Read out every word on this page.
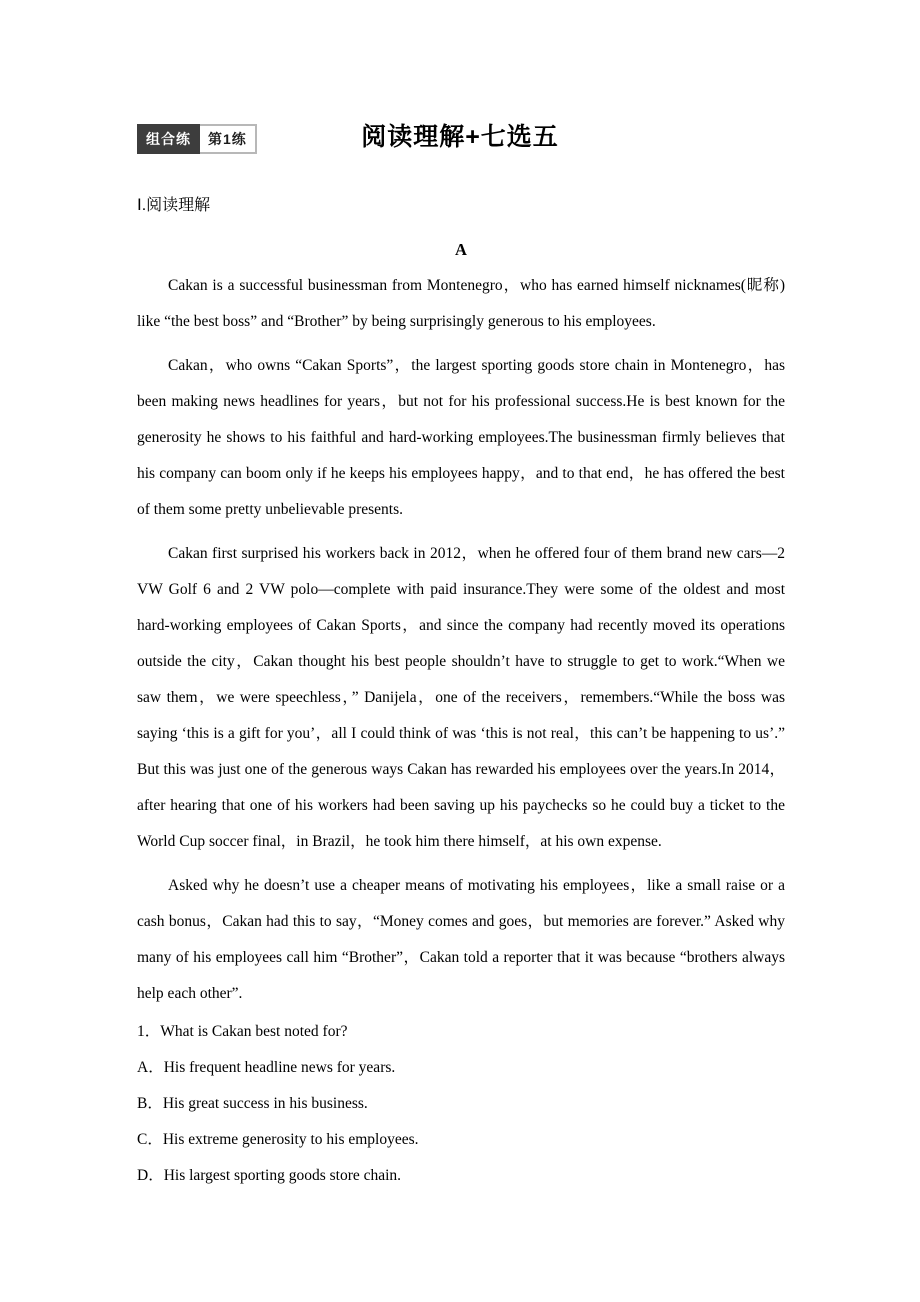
组合练	第1练	阅读理解+七选五
Ⅰ.阅读理解
A

Cakan is a successful businessman from Montenegro，who has earned himself nicknames(昵称) like “the best boss” and “Brother” by being surprisingly generous to his employees.

Cakan，who owns “Cakan Sports”，the largest sporting goods store chain in Montenegro，has been making news headlines for years，but not for his professional success.He is best known for the generosity he shows to his faithful and hard-working employees.The businessman firmly believes that his company can boom only if he keeps his employees happy，and to that end，he has offered the best of them some pretty unbelievable presents.

Cakan first surprised his workers back in 2012，when he offered four of them brand new cars—2 VW Golf 6 and 2 VW polo—complete with paid insurance.They were some of the oldest and most hard-working employees of Cakan Sports，and since the company had recently moved its operations outside the city，Cakan thought his best people shouldn’t have to struggle to get to work.“When we saw them，we were speechless，” Danijela，one of the receivers，remembers.“While the boss was saying ‘this is a gift for you’，all I could think of was ‘this is not real，this can’t be happening to us’.” But this was just one of the generous ways Cakan has rewarded his employees over the years.In 2014，after hearing that one of his workers had been saving up his paychecks so he could buy a ticket to the World Cup soccer final，in Brazil，he took him there himself，at his own expense.

Asked why he doesn’t use a cheaper means of motivating his employees，like a small raise or a cash bonus，Cakan had this to say，“Money comes and goes，but memories are forever.” Asked why many of his employees call him “Brother”，Cakan told a reporter that it was because “brothers always help each other”.

1．What is Cakan best noted for?
A．His frequent headline news for years.
B．His great success in his business.
C．His extreme generosity to his employees.
D．His largest sporting goods store chain.
